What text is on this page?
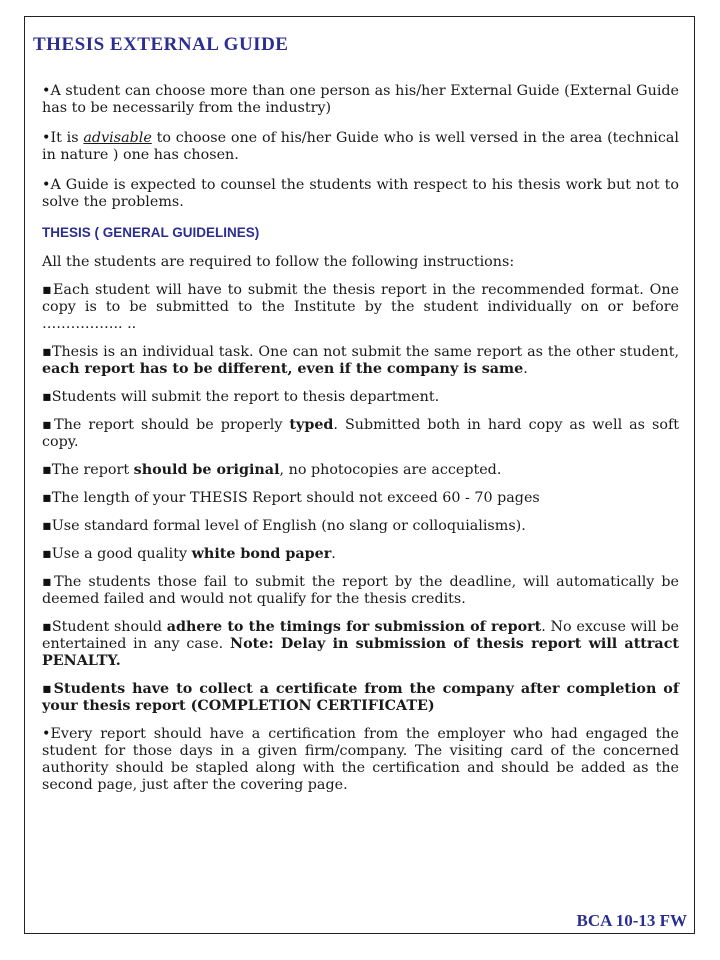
THESIS EXTERNAL GUIDE

•A student can choose more than one person as his/her External Guide (External Guide has to be necessarily from the industry)

•It is advisable to choose one of his/her Guide who is well versed in the area (technical in nature ) one has chosen.

•A Guide is expected to counsel the students with respect to his thesis work but not to solve the problems.

THESIS ( GENERAL GUIDELINES)

All the students are required to follow the following instructions:

▪Each student will have to submit the thesis report in the recommended format. One copy is to be submitted to the Institute by the student individually on or before …………….. ..

▪Thesis is an individual task. One can not submit the same report as the other student, each report has to be different, even if the company is same.

▪Students will submit the report to thesis department.

▪The report should be properly typed. Submitted both in hard copy as well as soft copy.

▪The report should be original, no photocopies are accepted.

▪The length of your THESIS Report should not exceed 60 - 70 pages

▪Use standard formal level of English (no slang or colloquialisms).

▪Use a good quality white bond paper.

▪The students those fail to submit the report by the deadline, will automatically be deemed failed and would not qualify for the thesis credits.

▪Student should adhere to the timings for submission of report. No excuse will be entertained in any case. Note: Delay in submission of thesis report will attract PENALTY.

▪Students have to collect a certificate from the company after completion of your thesis report (COMPLETION CERTIFICATE)

•Every report should have a certification from the employer who had engaged the student for those days in a given firm/company. The visiting card of the concerned authority should be stapled along with the certification and should be added as the second page, just after the covering page.

BCA 10-13 FW
